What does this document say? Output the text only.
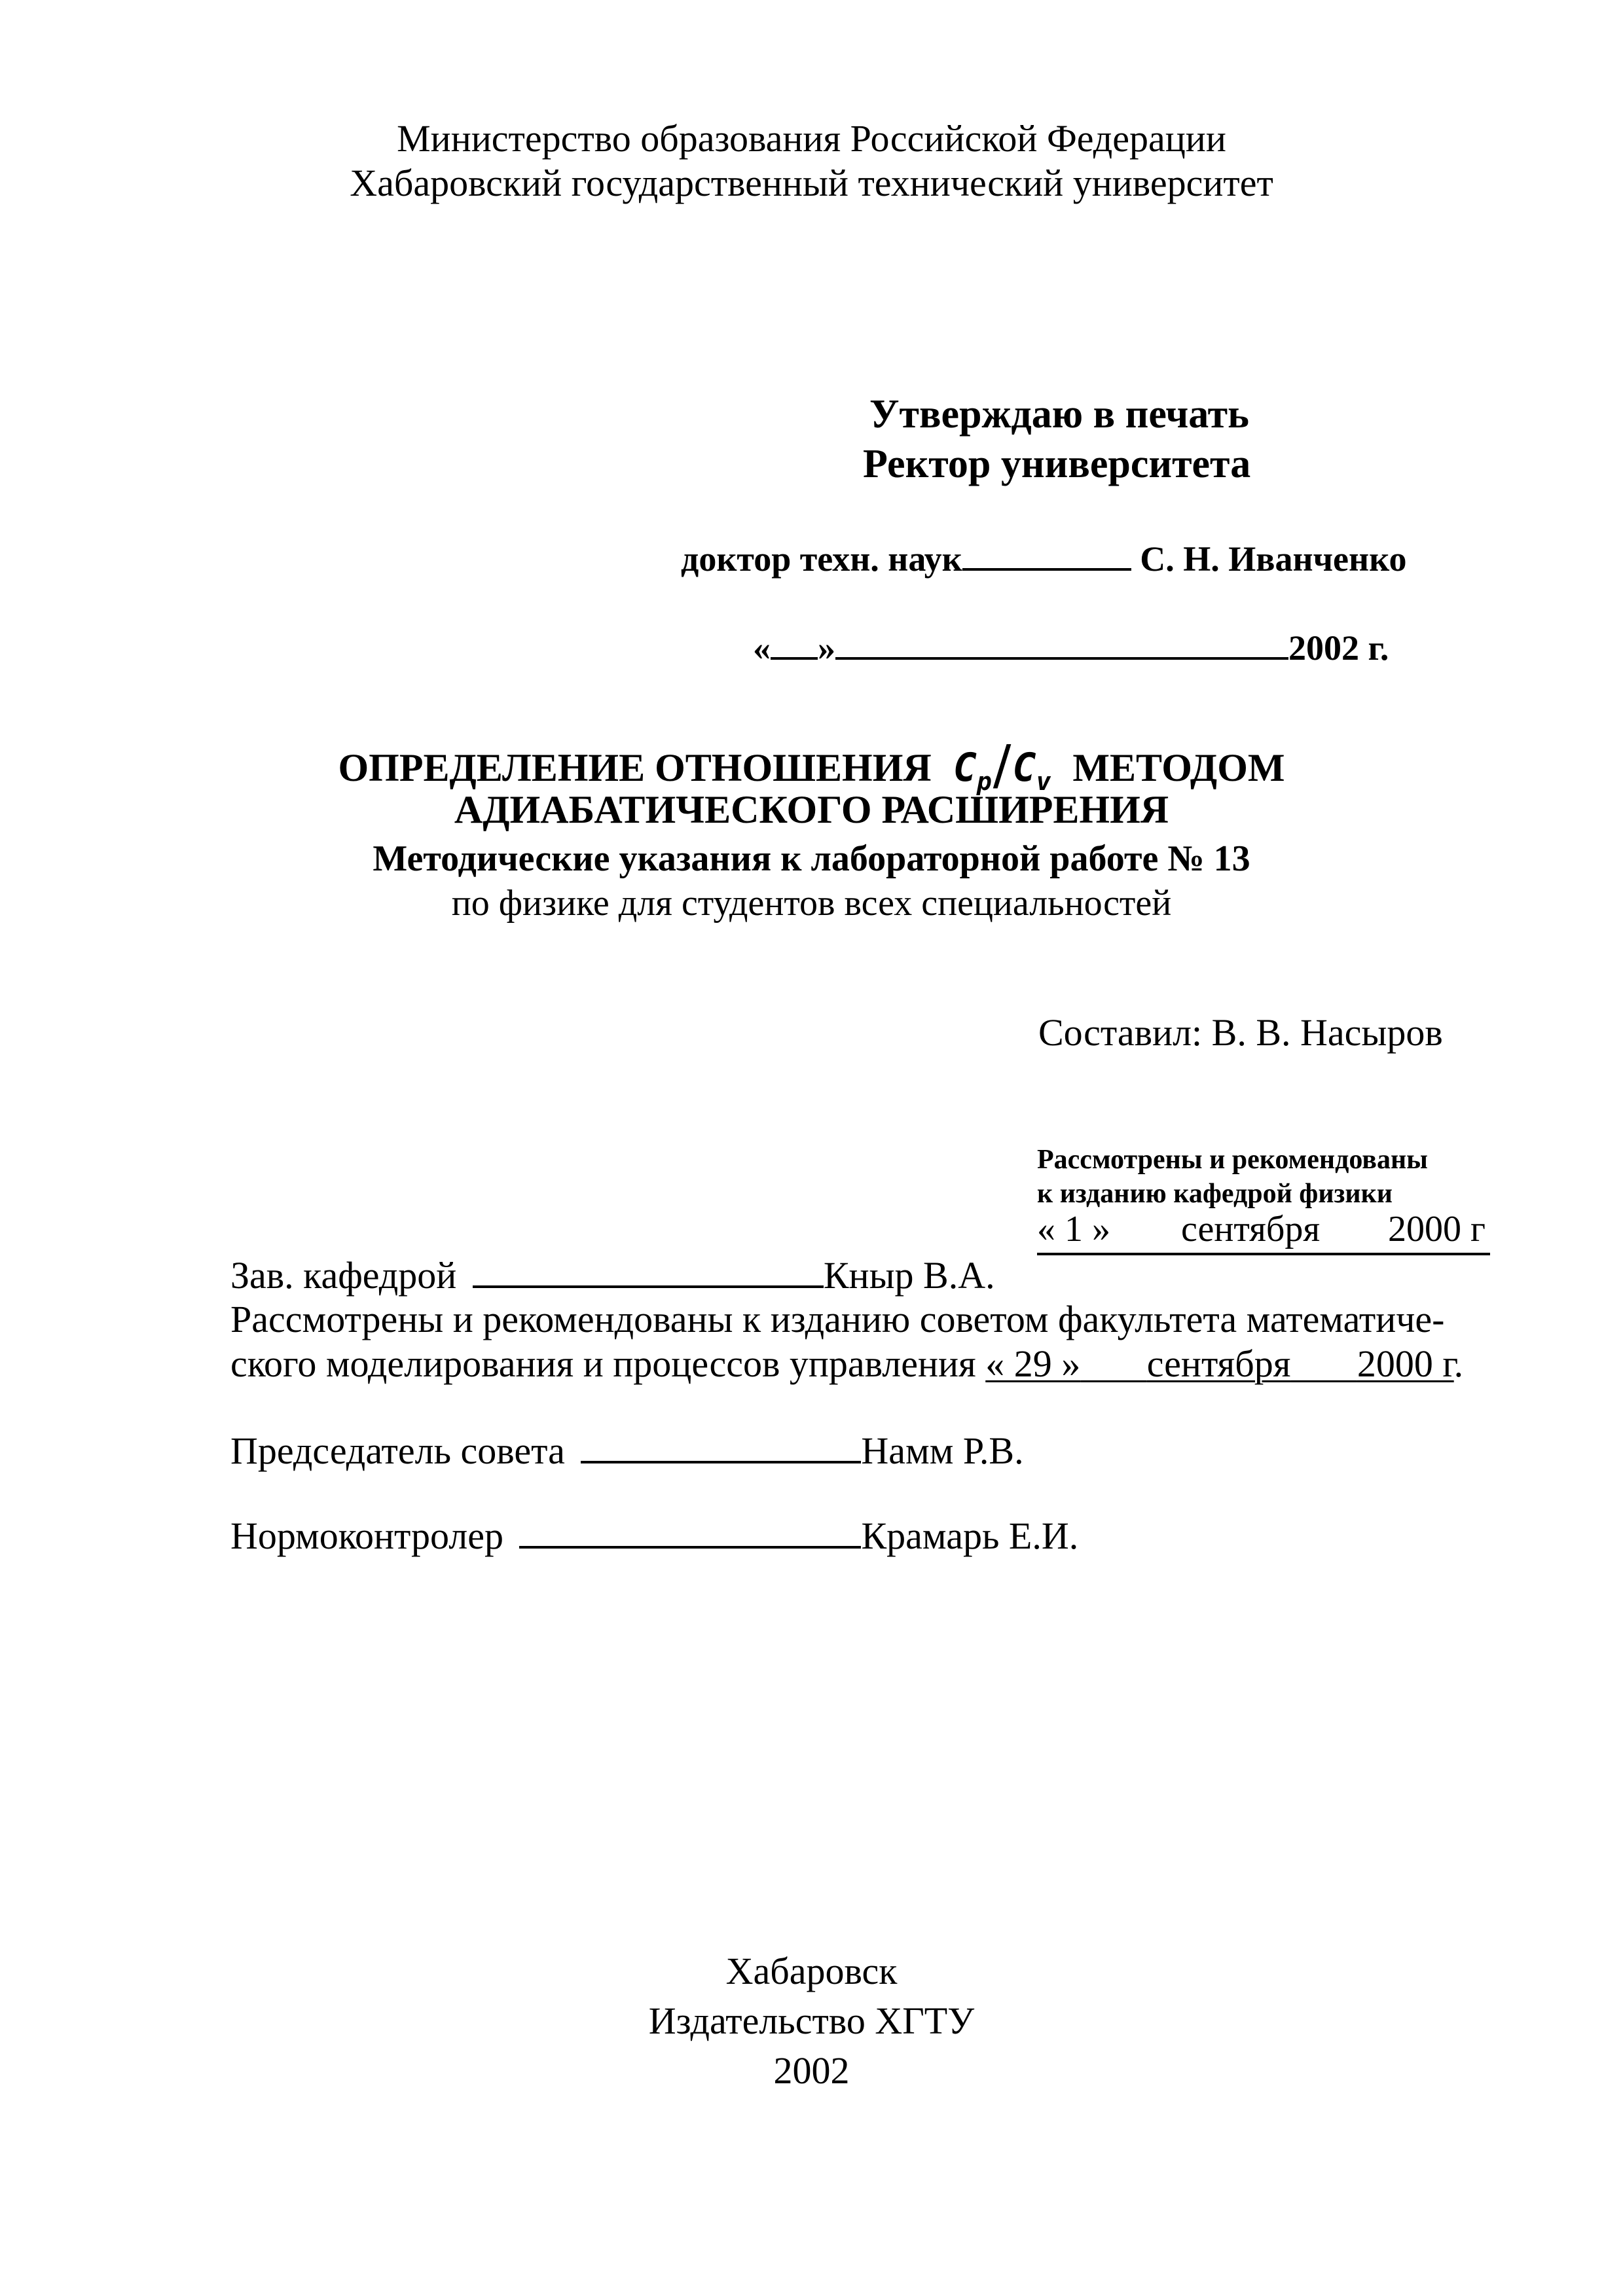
Министерство образования Российской Федерации
Хабаровский государственный технический университет
Утверждаю в печать
Ректор университета
доктор техн. наук	С. Н. Иванченко
« »	2002 г.
ОПРЕДЕЛЕНИЕ ОТНОШЕНИЯ $C_p/C_v$ МЕТОДОМ
АДИАБАТИЧЕСКОГО РАСШИРЕНИЯ
Методические указания к лабораторной работе № 13
по физике для студентов всех специальностей
Составил: В. В. Насыров
Рассмотрены и рекомендованы
к изданию кафедрой физики
« 1 » сентября 2000 г
Зав. кафедрой	Кныр В.А.
Рассмотрены и рекомендованы к изданию советом факультета математиче-
ского моделирования и процессов управления « 29 » сентября 2000 г.
Председатель совета	Намм Р.В.
Нормоконтролер	Крамарь Е.И.
Хабаровск
Издательство ХГТУ
2002
